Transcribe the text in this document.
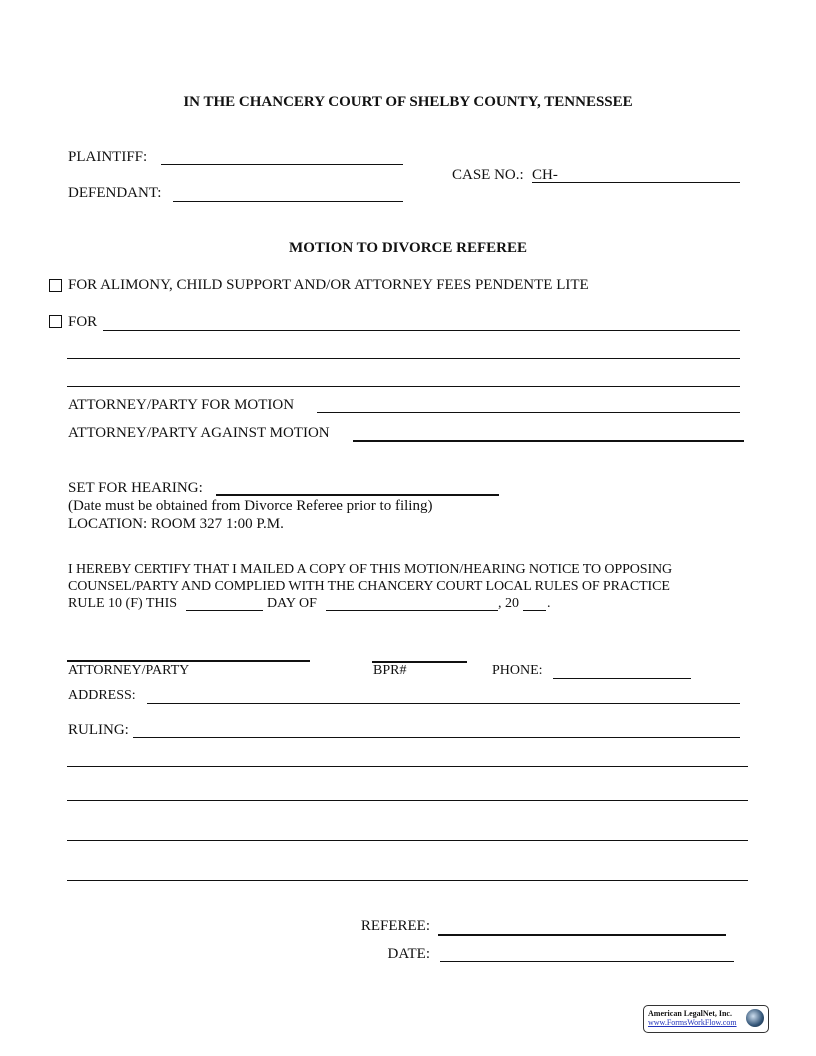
IN THE CHANCERY COURT OF SHELBY COUNTY, TENNESSEE
PLAINTIFF:
CASE NO.: CH-
DEFENDANT:
MOTION TO DIVORCE REFEREE
FOR ALIMONY, CHILD SUPPORT AND/OR ATTORNEY FEES PENDENTE LITE
FOR
ATTORNEY/PARTY FOR MOTION
ATTORNEY/PARTY AGAINST MOTION
SET FOR HEARING:
(Date must be obtained from Divorce Referee prior to filing)
LOCATION: ROOM 327 1:00 P.M.
I HEREBY CERTIFY THAT I MAILED A COPY OF THIS MOTION/HEARING NOTICE TO OPPOSING
COUNSEL/PARTY AND COMPLIED WITH THE CHANCERY COURT LOCAL RULES OF PRACTICE
RULE 10 (F) THIS	DAY OF	, 20 .
ATTORNEY/PARTY	BPR#	PHONE:
ADDRESS:
RULING:
REFEREE:
DATE:
American LegalNet, Inc.
www.FormsWorkFlow.com
